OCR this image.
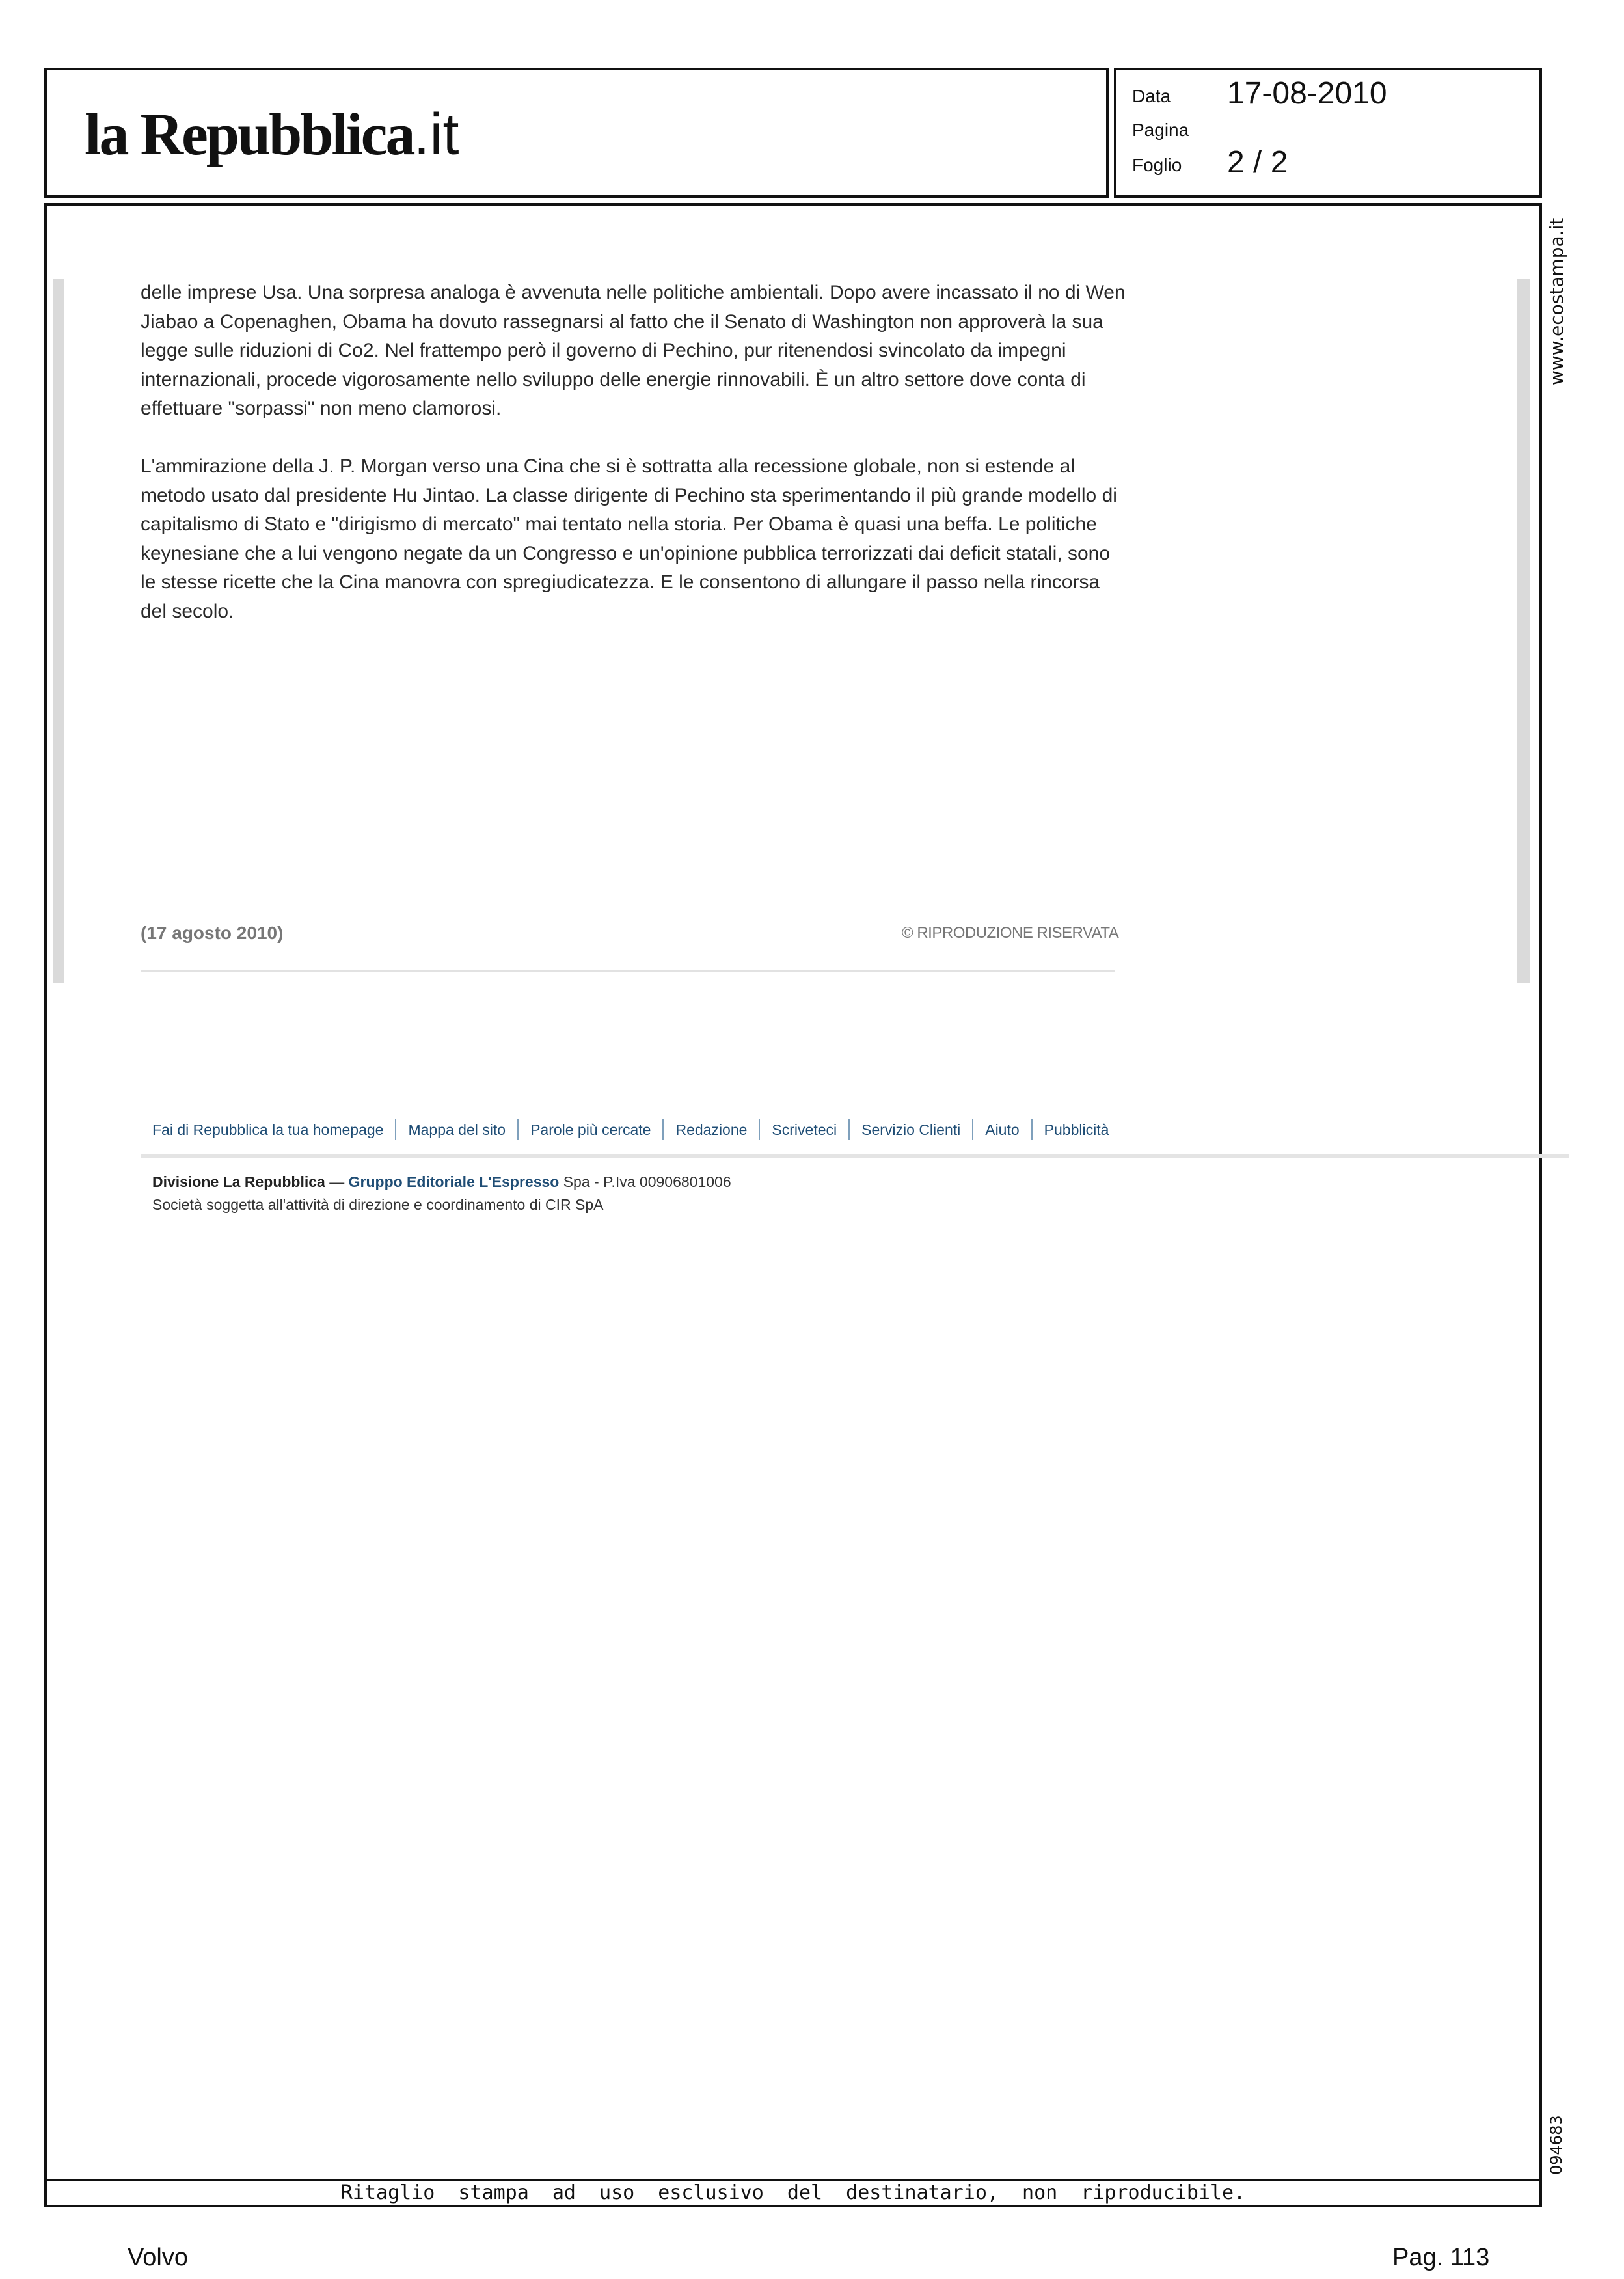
la Repubblica.it
Data 17-08-2010
Pagina
Foglio 2 / 2
www.ecostampa.it
094683

delle imprese Usa. Una sorpresa analoga è avvenuta nelle politiche ambientali. Dopo avere incassato il no di Wen Jiabao a Copenaghen, Obama ha dovuto rassegnarsi al fatto che il Senato di Washington non approverà la sua legge sulle riduzioni di Co2. Nel frattempo però il governo di Pechino, pur ritenendosi svincolato da impegni internazionali, procede vigorosamente nello sviluppo delle energie rinnovabili. È un altro settore dove conta di effettuare "sorpassi" non meno clamorosi.

L'ammirazione della J. P. Morgan verso una Cina che si è sottratta alla recessione globale, non si estende al metodo usato dal presidente Hu Jintao. La classe dirigente di Pechino sta sperimentando il più grande modello di capitalismo di Stato e "dirigismo di mercato" mai tentato nella storia. Per Obama è quasi una beffa. Le politiche keynesiane che a lui vengono negate da un Congresso e un'opinione pubblica terrorizzati dai deficit statali, sono le stesse ricette che la Cina manovra con spregiudicatezza. E le consentono di allungare il passo nella rincorsa del secolo.

(17 agosto 2010)	© RIPRODUZIONE RISERVATA
Fai di Repubblica la tua homepage	Mappa del sito	Parole più cercate	Redazione	Scriveteci	Servizio Clienti	Aiuto	Pubblicità
Divisione La Repubblica — Gruppo Editoriale L'Espresso Spa - P.Iva 00906801006
Società soggetta all'attività di direzione e coordinamento di CIR SpA
Ritaglio stampa ad uso esclusivo del destinatario, non riproducibile.
Volvo	Pag. 113
